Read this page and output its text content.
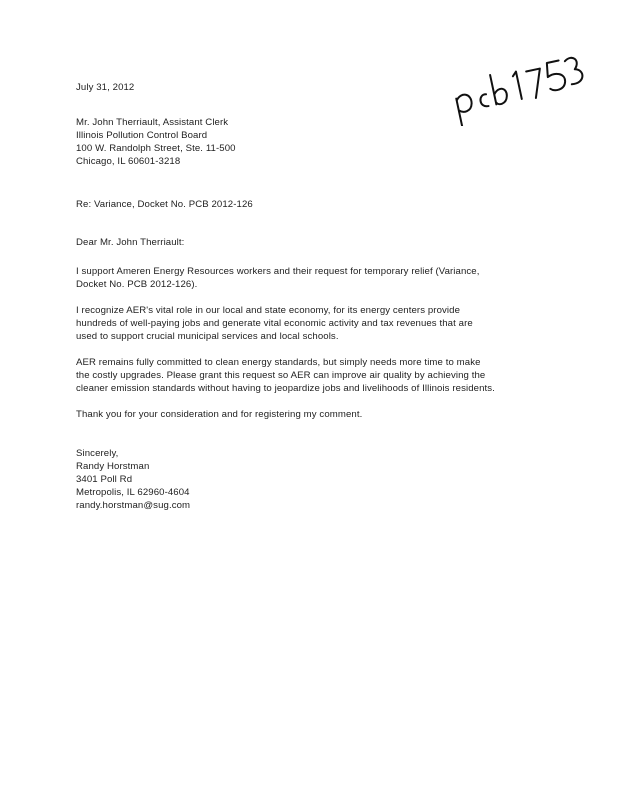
July 31, 2012
Mr. John Therriault, Assistant Clerk
Illinois Pollution Control Board
100 W. Randolph Street, Ste. 11-500
Chicago, IL 60601-3218
Re: Variance, Docket No. PCB 2012-126
Dear Mr. John Therriault:
I support Ameren Energy Resources workers and their request for temporary relief (Variance,
Docket No. PCB 2012-126).
I recognize AER's vital role in our local and state economy, for its energy centers provide
hundreds of well-paying jobs and generate vital economic activity and tax revenues that are
used to support crucial municipal services and local schools.
AER remains fully committed to clean energy standards, but simply needs more time to make
the costly upgrades. Please grant this request so AER can improve air quality by achieving the
cleaner emission standards without having to jeopardize jobs and livelihoods of Illinois residents.
Thank you for your consideration and for registering my comment.
Sincerely,
Randy Horstman
3401 Poll Rd
Metropolis, IL 62960-4604
randy.horstman@sug.com
